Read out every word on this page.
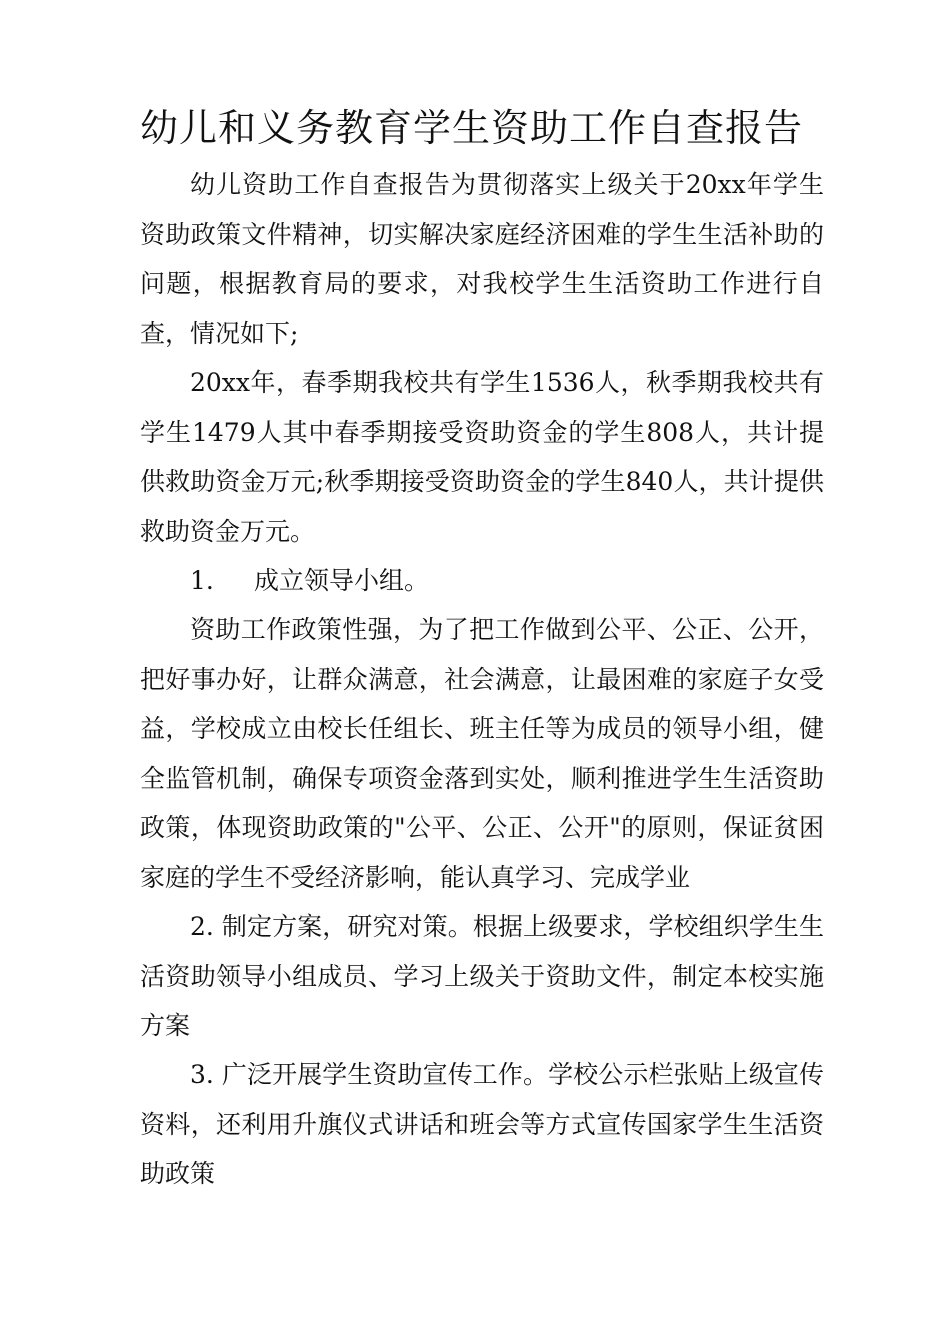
幼儿和义务教育学生资助工作自查报告

幼儿资助工作自查报告为贯彻落实上级关于20xx年学生资助政策文件精神，切实解决家庭经济困难的学生生活补助的问题，根据教育局的要求，对我校学生生活资助工作进行自查，情况如下;

20xx年，春季期我校共有学生1536人，秋季期我校共有学生1479人其中春季期接受资助资金的学生808人，共计提供救助资金万元;秋季期接受资助资金的学生840人，共计提供救助资金万元。

1. 成立领导小组。

资助工作政策性强，为了把工作做到公平、公正、公开，把好事办好，让群众满意，社会满意，让最困难的家庭子女受益，学校成立由校长任组长、班主任等为成员的领导小组，健全监管机制，确保专项资金落到实处，顺利推进学生生活资助政策，体现资助政策的"公平、公正、公开"的原则，保证贫困家庭的学生不受经济影响，能认真学习、完成学业

2. 制定方案，研究对策。根据上级要求，学校组织学生生活资助领导小组成员、学习上级关于资助文件，制定本校实施方案

3. 广泛开展学生资助宣传工作。学校公示栏张贴上级宣传资料，还利用升旗仪式讲话和班会等方式宣传国家学生生活资助政策
